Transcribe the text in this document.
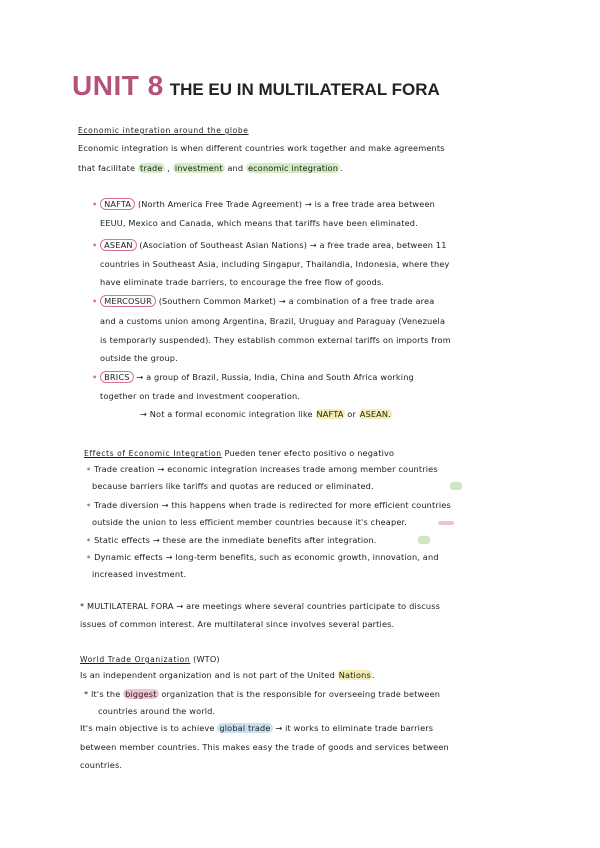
UNIT 8 THE EU IN MULTILATERAL FORA
Economic integration around the globe
Economic integration is when different countries work together and make agreements
that facilitate trade , investment and economic integration .
• NAFTA (North America Free Trade Agreement) → is a free trade area between
EEUU, Mexico and Canada, which means that tariffs have been eliminated.
• ASEAN (Asociation of Southeast Asian Nations) → a free trade area, between 11
countries in Southeast Asia, including Singapur, Thailandia, Indonesia, where they
have eliminate trade barriers, to encourage the free flow of goods.
• MERCOSUR (Southern Common Market) → a combination of a free trade area
and a customs union among Argentina, Brazil, Uruguay and Paraguay (Venezuela
is temporarly suspended). They establish common external tariffs on imports from
outside the group.
• BRICS → a group of Brazil, Russia, India, China and South Africa working
together on trade and investment cooperation.
→ Not a formal economic integration like NAFTA or ASEAN.
Effects of Economic Integration Pueden tener efecto positivo o negativo
• Trade creation → economic integration increases trade among member countries
because barriers like tariffs and quotas are reduced or eliminated.
• Trade diversion → this happens when trade is redirected for more efficient countries
outside the union to less efficient member countries because it's cheaper.
• Static effects → these are the inmediate benefits after integration.
• Dynamic effects → long-term benefits, such as economic growth, innovation, and
increased investment.
* MULTILATERAL FORA → are meetings where several countries participate to discuss
issues of common interest. Are multilateral since involves several parties.
World Trade Organization (WTO)
Is an independent organization and is not part of the United Nations.
* It's the biggest organization that is the responsible for overseeing trade between
countries around the world.
It's main objective is to achieve global trade → it works to eliminate trade barriers
between member countries. This makes easy the trade of goods and services between
countries.
